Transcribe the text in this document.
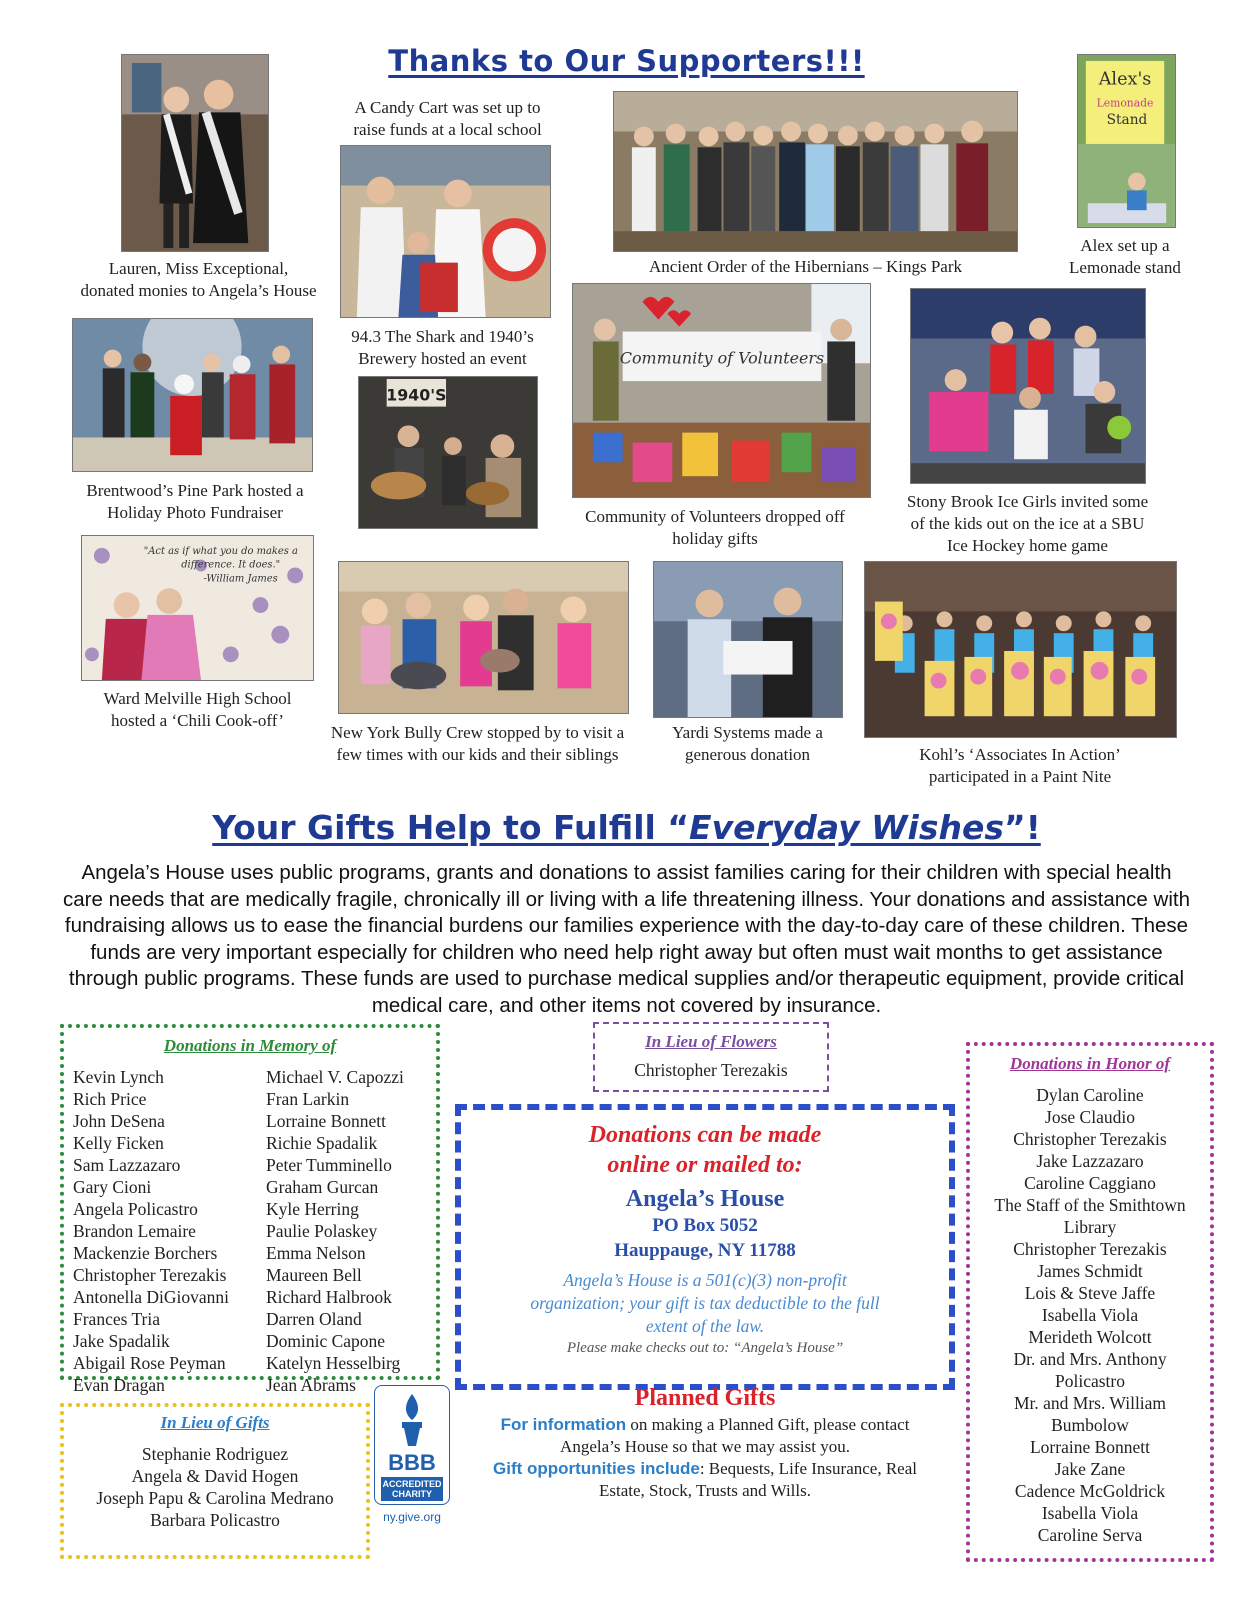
Thanks to Our Supporters!!!
Lauren, Miss Exceptional,
donated monies to Angela’s House
A Candy Cart was set up to
raise funds at a local school
94.3 The Shark and 1940’s
Brewery hosted an event
Ancient Order of the Hibernians – Kings Park
Alex's
Lemonade
Stand
Alex set up a
Lemonade stand
Brentwood’s Pine Park hosted a
Holiday Photo Fundraiser
1940'S
Community of Volunteers
Community of Volunteers dropped off
holiday gifts
Stony Brook Ice Girls invited some
of the kids out on the ice at a SBU
Ice Hockey home game
"Act as if what you do makes a
difference. It does."
-William James
Ward Melville High School
hosted a ‘Chili Cook-off’
New York Bully Crew stopped by to visit a
few times with our kids and their siblings
Yardi Systems made a
generous donation	Kohl’s ‘Associates In Action’
participated in a Paint Nite
Your Gifts Help to Fulfill “Everyday Wishes”!
Angela’s House uses public programs, grants and donations to assist families caring for their children with special health care needs that are medically fragile, chronically ill or living with a life threatening illness. Your donations and assistance with fundraising allows us to ease the financial burdens our families experience with the day-to-day care of these children. These funds are very important especially for children who need help right away but often must wait months to get assistance through public programs. These funds are used to purchase medical supplies and/or therapeutic equipment, provide critical medical care, and other items not covered by insurance.
Donations in Memory of
Kevin Lynch
Rich Price
John DeSena
Kelly Ficken
Sam Lazzazaro
Gary Cioni
Angela Policastro
Brandon Lemaire
Mackenzie Borchers
Christopher Terezakis
Antonella DiGiovanni
Frances Tria
Jake Spadalik
Abigail Rose Peyman
Evan Dragan
Michael V. Capozzi
Fran Larkin
Lorraine Bonnett
Richie Spadalik
Peter Tumminello
Graham Gurcan
Kyle Herring
Paulie Polaskey
Emma Nelson
Maureen Bell
Richard Halbrook
Darren Oland
Dominic Capone
Katelyn Hesselbirg
Jean Abrams
In Lieu of Gifts
Stephanie Rodriguez
Angela & David Hogen
Joseph Papu & Carolina Medrano
Barbara Policastro
BBB
ACCREDITED
CHARITY
ny.give.org
In Lieu of Flowers
Christopher Terezakis
Donations can be made
online or mailed to:
Angela’s House
PO Box 5052
Hauppauge, NY 11788
Angela’s House is a 501(c)(3) non-profit
organization; your gift is tax deductible to the full
extent of the law.
Please make checks out to: “Angela’s House”
Planned Gifts
For information on making a Planned Gift, please contact
Angela’s House so that we may assist you.
Gift opportunities include: Bequests, Life Insurance, Real
Estate, Stock, Trusts and Wills.
Donations in Honor of
Dylan Caroline
Jose Claudio
Christopher Terezakis
Jake Lazzazaro
Caroline Caggiano
The Staff of the Smithtown
Library
Christopher Terezakis
James Schmidt
Lois & Steve Jaffe
Isabella Viola
Merideth Wolcott
Dr. and Mrs. Anthony
Policastro
Mr. and Mrs. William
Bumbolow
Lorraine Bonnett
Jake Zane
Cadence McGoldrick
Isabella Viola
Caroline Serva
